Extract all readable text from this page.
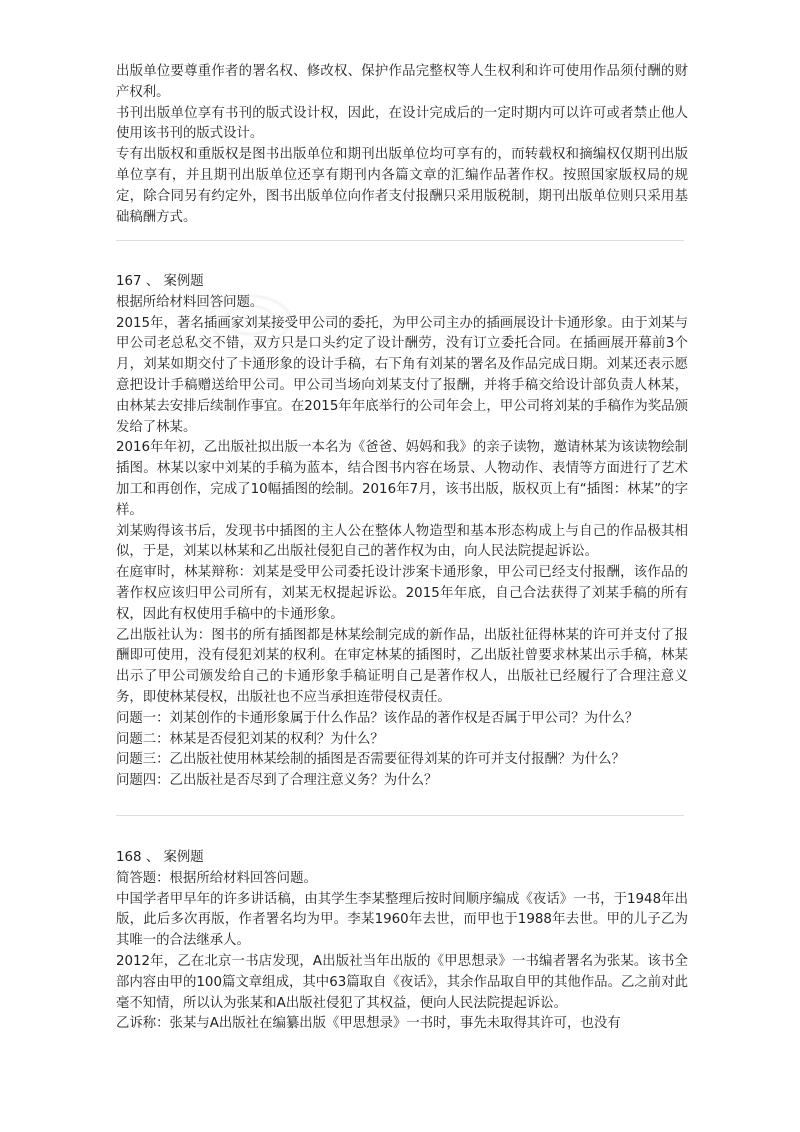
出版单位要尊重作者的署名权、修改权、保护作品完整权等人生权利和许可使用作品须付酬的财产权利。

书刊出版单位享有书刊的版式设计权，因此，在设计完成后的一定时期内可以许可或者禁止他人使用该书刊的版式设计。

专有出版权和重版权是图书出版单位和期刊出版单位均可享有的，而转载权和摘编权仅期刊出版单位享有，并且期刊出版单位还享有期刊内各篇文章的汇编作品著作权。按照国家版权局的规定，除合同另有约定外，图书出版单位向作者支付报酬只采用版税制，期刊出版单位则只采用基础稿酬方式。

167 、 案例题

根据所给材料回答问题。

2015年，著名插画家刘某接受甲公司的委托，为甲公司主办的插画展设计卡通形象。由于刘某与甲公司老总私交不错，双方只是口头约定了设计酬劳，没有订立委托合同。在插画展开幕前3个月，刘某如期交付了卡通形象的设计手稿，右下角有刘某的署名及作品完成日期。刘某还表示愿意把设计手稿赠送给甲公司。甲公司当场向刘某支付了报酬，并将手稿交给设计部负责人林某，由林某去安排后续制作事宜。在2015年年底举行的公司年会上，甲公司将刘某的手稿作为奖品颁发给了林某。

2016年年初，乙出版社拟出版一本名为《爸爸、妈妈和我》的亲子读物，邀请林某为该读物绘制插图。林某以家中刘某的手稿为蓝本，结合图书内容在场景、人物动作、表情等方面进行了艺术加工和再创作，完成了10幅插图的绘制。2016年7月，该书出版，版权页上有“插图：林某”的字样。

刘某购得该书后，发现书中插图的主人公在整体人物造型和基本形态构成上与自己的作品极其相似，于是，刘某以林某和乙出版社侵犯自己的著作权为由，向人民法院提起诉讼。

在庭审时，林某辩称：刘某是受甲公司委托设计涉案卡通形象，甲公司已经支付报酬，该作品的著作权应该归甲公司所有，刘某无权提起诉讼。2015年年底，自己合法获得了刘某手稿的所有权，因此有权使用手稿中的卡通形象。

乙出版社认为：图书的所有插图都是林某绘制完成的新作品，出版社征得林某的许可并支付了报酬即可使用，没有侵犯刘某的权利。在审定林某的插图时，乙出版社曾要求林某出示手稿，林某出示了甲公司颁发给自己的卡通形象手稿证明自己是著作权人，出版社已经履行了合理注意义务，即使林某侵权，出版社也不应当承担连带侵权责任。

问题一：刘某创作的卡通形象属于什么作品？该作品的著作权是否属于甲公司？为什么？

问题二：林某是否侵犯刘某的权利？为什么？

问题三：乙出版社使用林某绘制的插图是否需要征得刘某的许可并支付报酬？为什么？

问题四：乙出版社是否尽到了合理注意义务？为什么？

168 、 案例题

简答题：根据所给材料回答问题。

中国学者甲早年的许多讲话稿，由其学生李某整理后按时间顺序编成《夜话》一书，于1948年出版，此后多次再版，作者署名均为甲。李某1960年去世，而甲也于1988年去世。甲的儿子乙为其唯一的合法继承人。

2012年，乙在北京一书店发现，A出版社当年出版的《甲思想录》一书编者署名为张某。该书全部内容由甲的100篇文章组成，其中63篇取自《夜话》，其余作品取自甲的其他作品。乙之前对此毫不知情，所以认为张某和A出版社侵犯了其权益，便向人民法院提起诉讼。

乙诉称：张某与A出版社在编纂出版《甲思想录》一书时，事先未取得其许可，也没有
